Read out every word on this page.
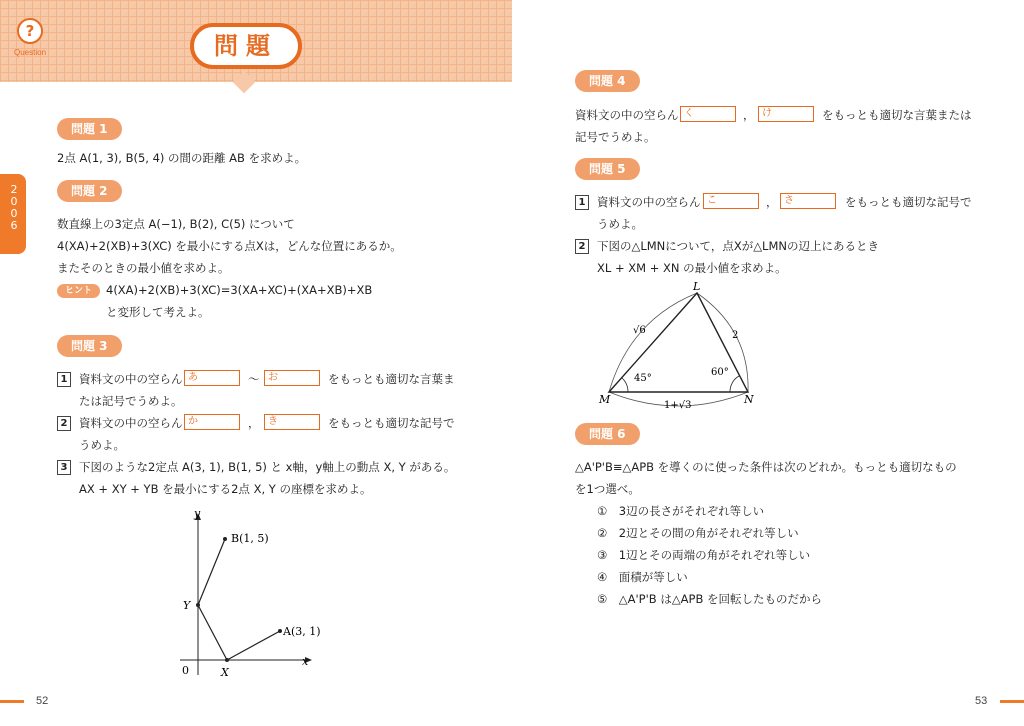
?
Question	問題
2006
問題 1
2点 A(1, 3), B(5, 4) の間の距離 AB を求めよ。
問題 2
数直線上の3定点 A(−1), B(2), C(5) について
4(XA)+2(XB)+3(XC) を最小にする点Xは，どんな位置にあるか。
またそのときの最小値を求めよ。
ヒント	4(XA)+2(XB)+3(XC)=3(XA+XC)+(XA+XB)+XB
と変形して考えよ。
問題 3
1	資料文の中の空らん あ	～ お	をもっとも適切な言葉ま
たは記号でうめよ。
2	資料文の中の空らん か	， き	をもっとも適切な記号で
うめよ。
3	下図のような2定点 A(3, 1), B(1, 5) と x軸，y軸上の動点 X, Y がある。
AX + XY + YB を最小にする2点 X, Y の座標を求めよ。
y
x
0
B(1, 5)
A(3, 1)
Y
X
52
問題 4
資料文の中の空らん く	， け	をもっとも適切な言葉または
記号でうめよ。
問題 5
1	資料文の中の空らん こ	， さ	をもっとも適切な記号で
うめよ。
2	下図の△LMNについて，点Xが△LMNの辺上にあるとき
XL + XM + XN の最小値を求めよ。
L
M	N
√6	2
1+√3
45°
60°
問題 6
△A'P'B≡△APB を導くのに使った条件は次のどれか。もっとも適切なもの
を1つ選べ。
①　3辺の長さがそれぞれ等しい
②　2辺とその間の角がそれぞれ等しい
③　1辺とその両端の角がそれぞれ等しい
④　面積が等しい
⑤　△A'P'B は△APB を回転したものだから
53
